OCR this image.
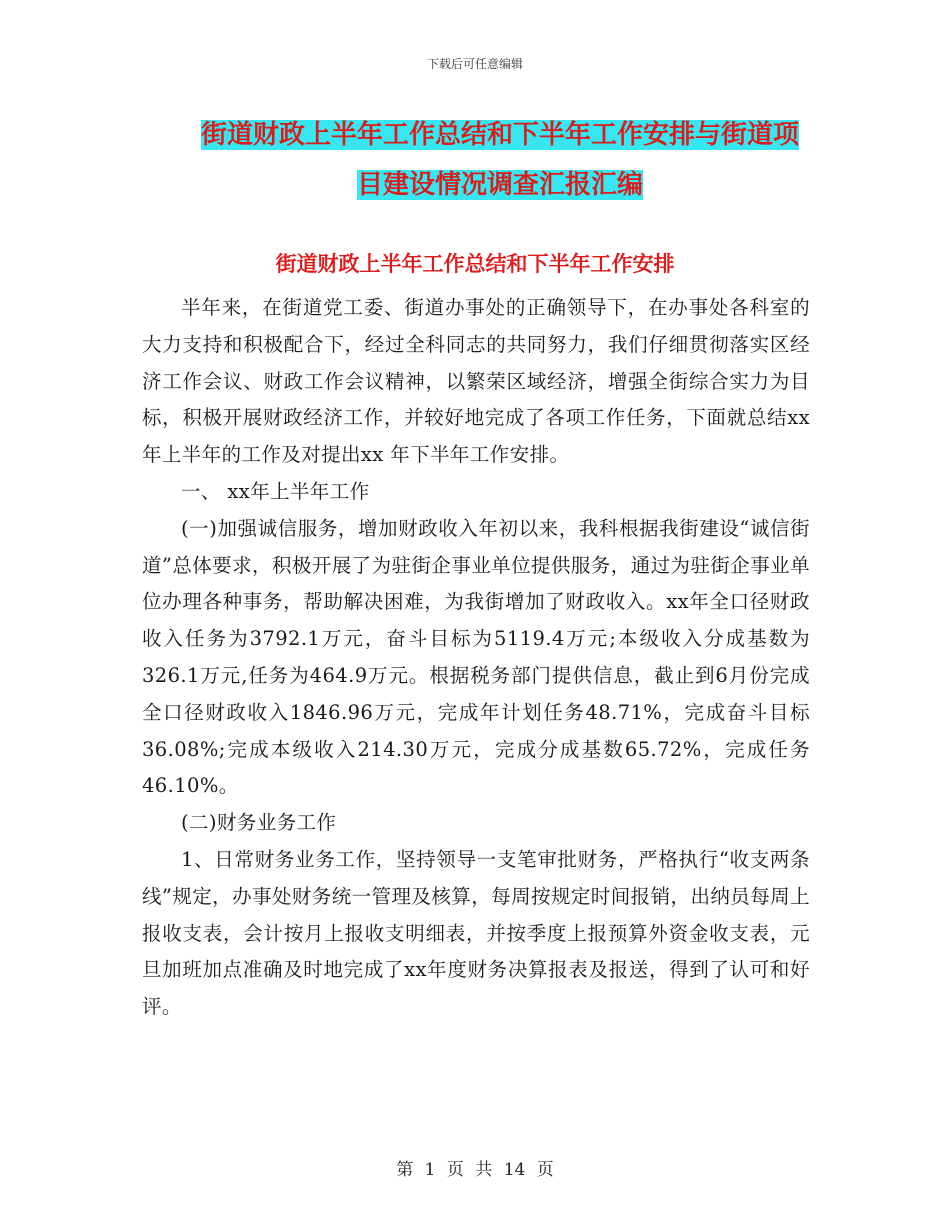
下载后可任意编辑
街道财政上半年工作总结和下半年工作安排与街道项
目建设情况调查汇报汇编
街道财政上半年工作总结和下半年工作安排

半年来，在街道党工委、街道办事处的正确领导下，在办事处各科室的大力支持和积极配合下，经过全科同志的共同努力，我们仔细贯彻落实区经济工作会议、财政工作会议精神，以繁荣区域经济，增强全街综合实力为目标，积极开展财政经济工作，并较好地完成了各项工作任务，下面就总结xx年上半年的工作及对提出xx 年下半年工作安排。

一、 xx年上半年工作

(一)加强诚信服务，增加财政收入年初以来，我科根据我街建设“诚信街道”总体要求，积极开展了为驻街企事业单位提供服务，通过为驻街企事业单位办理各种事务，帮助解决困难，为我街增加了财政收入。xx年全口径财政收入任务为3792.1万元，奋斗目标为5119.4万元;本级收入分成基数为326.1万元,任务为464.9万元。根据税务部门提供信息，截止到6月份完成全口径财政收入1846.96万元，完成年计划任务48.71%，完成奋斗目标 36.08%;完成本级收入214.30万元，完成分成基数65.72%，完成任务46.10%。

(二)财务业务工作

1、日常财务业务工作，坚持领导一支笔审批财务，严格执行“收支两条线”规定，办事处财务统一管理及核算，每周按规定时间报销，出纳员每周上报收支表，会计按月上报收支明细表，并按季度上报预算外资金收支表，元旦加班加点准确及时地完成了xx年度财务决算报表及报送，得到了认可和好评。

第 1 页 共 14 页
